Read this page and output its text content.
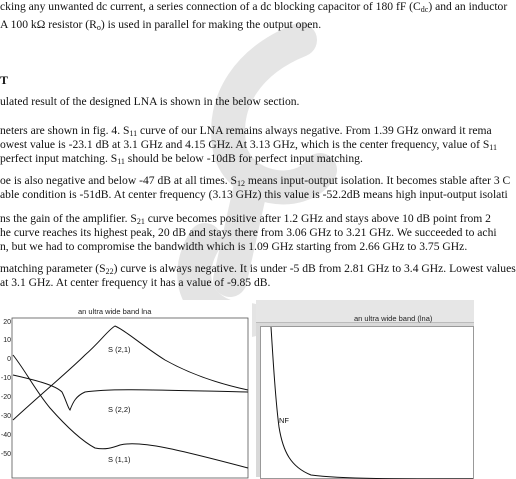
cking any unwanted dc current, a series connection of a dc blocking capacitor of 180 fF $(C_{dc})$ and an inductor
A 100 kΩ resistor $(R_o)$ is used in parallel for making the output open.
T
ulated result of the designed LNA is shown in the below section.
neters are shown in fig. 4. $S_{11}$ curve of our LNA remains always negative. From 1.39 GHz onward it rema
owest value is -23.1 dB at 3.1 GHz and 4.15 GHz. At 3.13 GHz, which is the center frequency, value of $S_{11}$
perfect input matching. $S_{11}$ should be below -10dB for perfect input matching.
oe is also negative and below -47 dB at all times. $S_{12}$ means input-output isolation. It becomes stable after 3 C
able condition is -51dB. At center frequency (3.13 GHz) this value is -52.2dB means high input-output isolati
ns the gain of the amplifier. $S_{21}$ curve becomes positive after 1.2 GHz and stays above 10 dB point from 2
he curve reaches its highest peak, 20 dB and stays there from 3.06 GHz to 3.21 GHz. We succeeded to achi
n, but we had to compromise the bandwidth which is 1.09 GHz starting from 2.66 GHz to 3.75 GHz.
matching parameter $(S_{22})$ curve is always negative. It is under -5 dB from 2.81 GHz to 3.4 GHz. Lowest values
at 3.1 GHz. At center frequency it has a value of -9.85 dB.
an ultra wide band lna
20
10
0
-10
-20
-30
-40
-50
S (2,1)
S (2,2)
S (1,1)
an ultra wide band (lna)
NF
